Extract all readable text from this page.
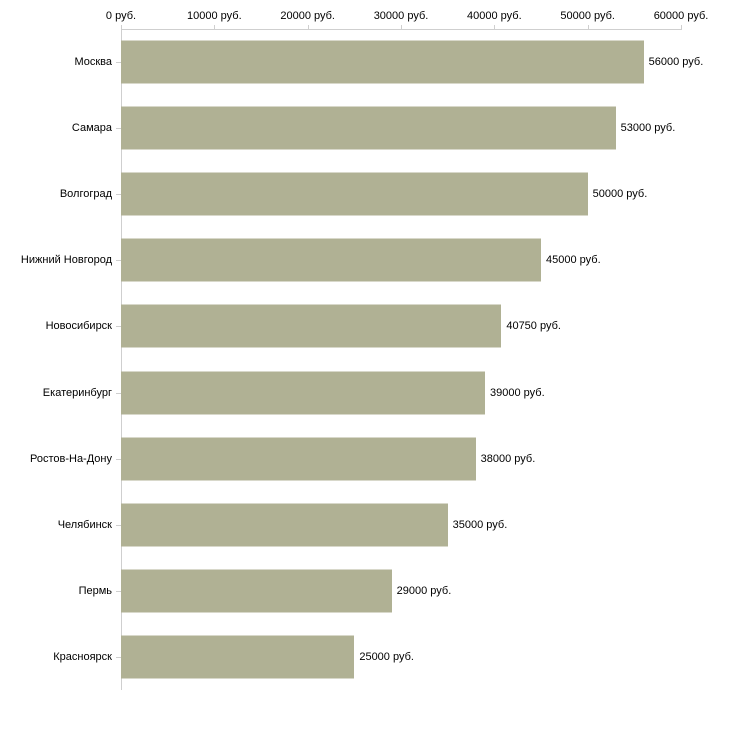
0 руб.	10000 руб.	20000 руб.	30000 руб.	40000 руб.	50000 руб.	60000 руб.
56000 руб.
Москва
53000 руб.
Самара
50000 руб.
Волгоград
45000 руб.
Нижний Новгород
40750 руб.
Новосибирск
39000 руб.
Екатеринбург
38000 руб.
Ростов-На-Дону
35000 руб.
Челябинск
29000 руб.
Пермь
25000 руб.
Красноярск
